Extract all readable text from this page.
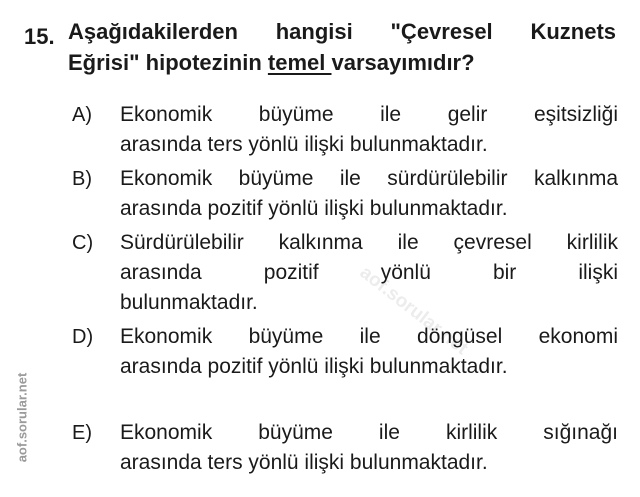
15. Aşağıdakilerden hangisi "Çevresel Kuznets
Eğrisi" hipotezinin temel varsayımıdır?
A) Ekonomik büyüme ile gelir eşitsizliği
arasında ters yönlü ilişki bulunmaktadır.
B) Ekonomik büyüme ile sürdürülebilir kalkınma
arasında pozitif yönlü ilişki bulunmaktadır.
C) Sürdürülebilir kalkınma ile çevresel kirlilik
arasında pozitif yönlü bir ilişki
bulunmaktadır.
D) Ekonomik büyüme ile döngüsel ekonomi
arasında pozitif yönlü ilişki bulunmaktadır.
E) Ekonomik büyüme ile kirlilik sığınağı
arasında ters yönlü ilişki bulunmaktadır.
aof.sorular.net
aof.sorular.net
